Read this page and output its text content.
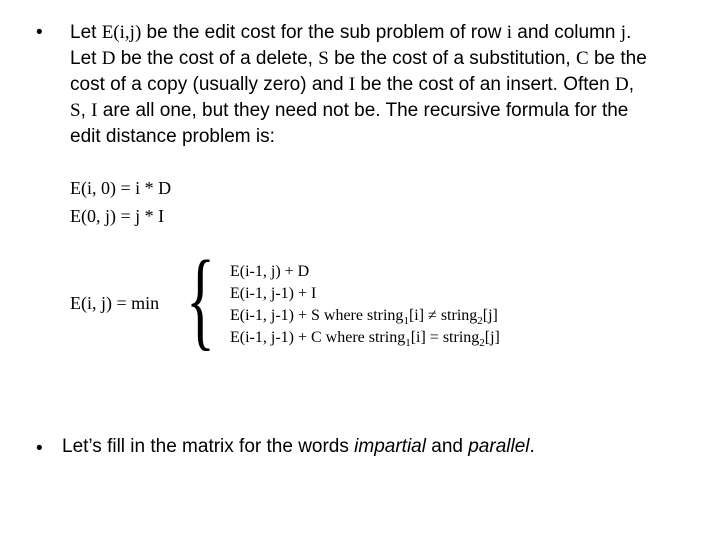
• Let E(i,j) be the edit cost for the sub problem of row i and column j.
Let D be the cost of a delete, S be the cost of a substitution, C be the
cost of a copy (usually zero) and I be the cost of an insert. Often D,
S, I are all one, but they need not be. The recursive formula for the
edit distance problem is:
E(i, 0) = i * D
E(0, j) = j * I
E(i, j) = min { E(i-1, j) + D
E(i-1, j-1) + I
E(i-1, j-1) + S where string$_1$[i] ≠ string$_2$[j]
E(i-1, j-1) + C where string$_1$[i] = string$_2$[j]
• Let’s fill in the matrix for the words impartial and parallel.
